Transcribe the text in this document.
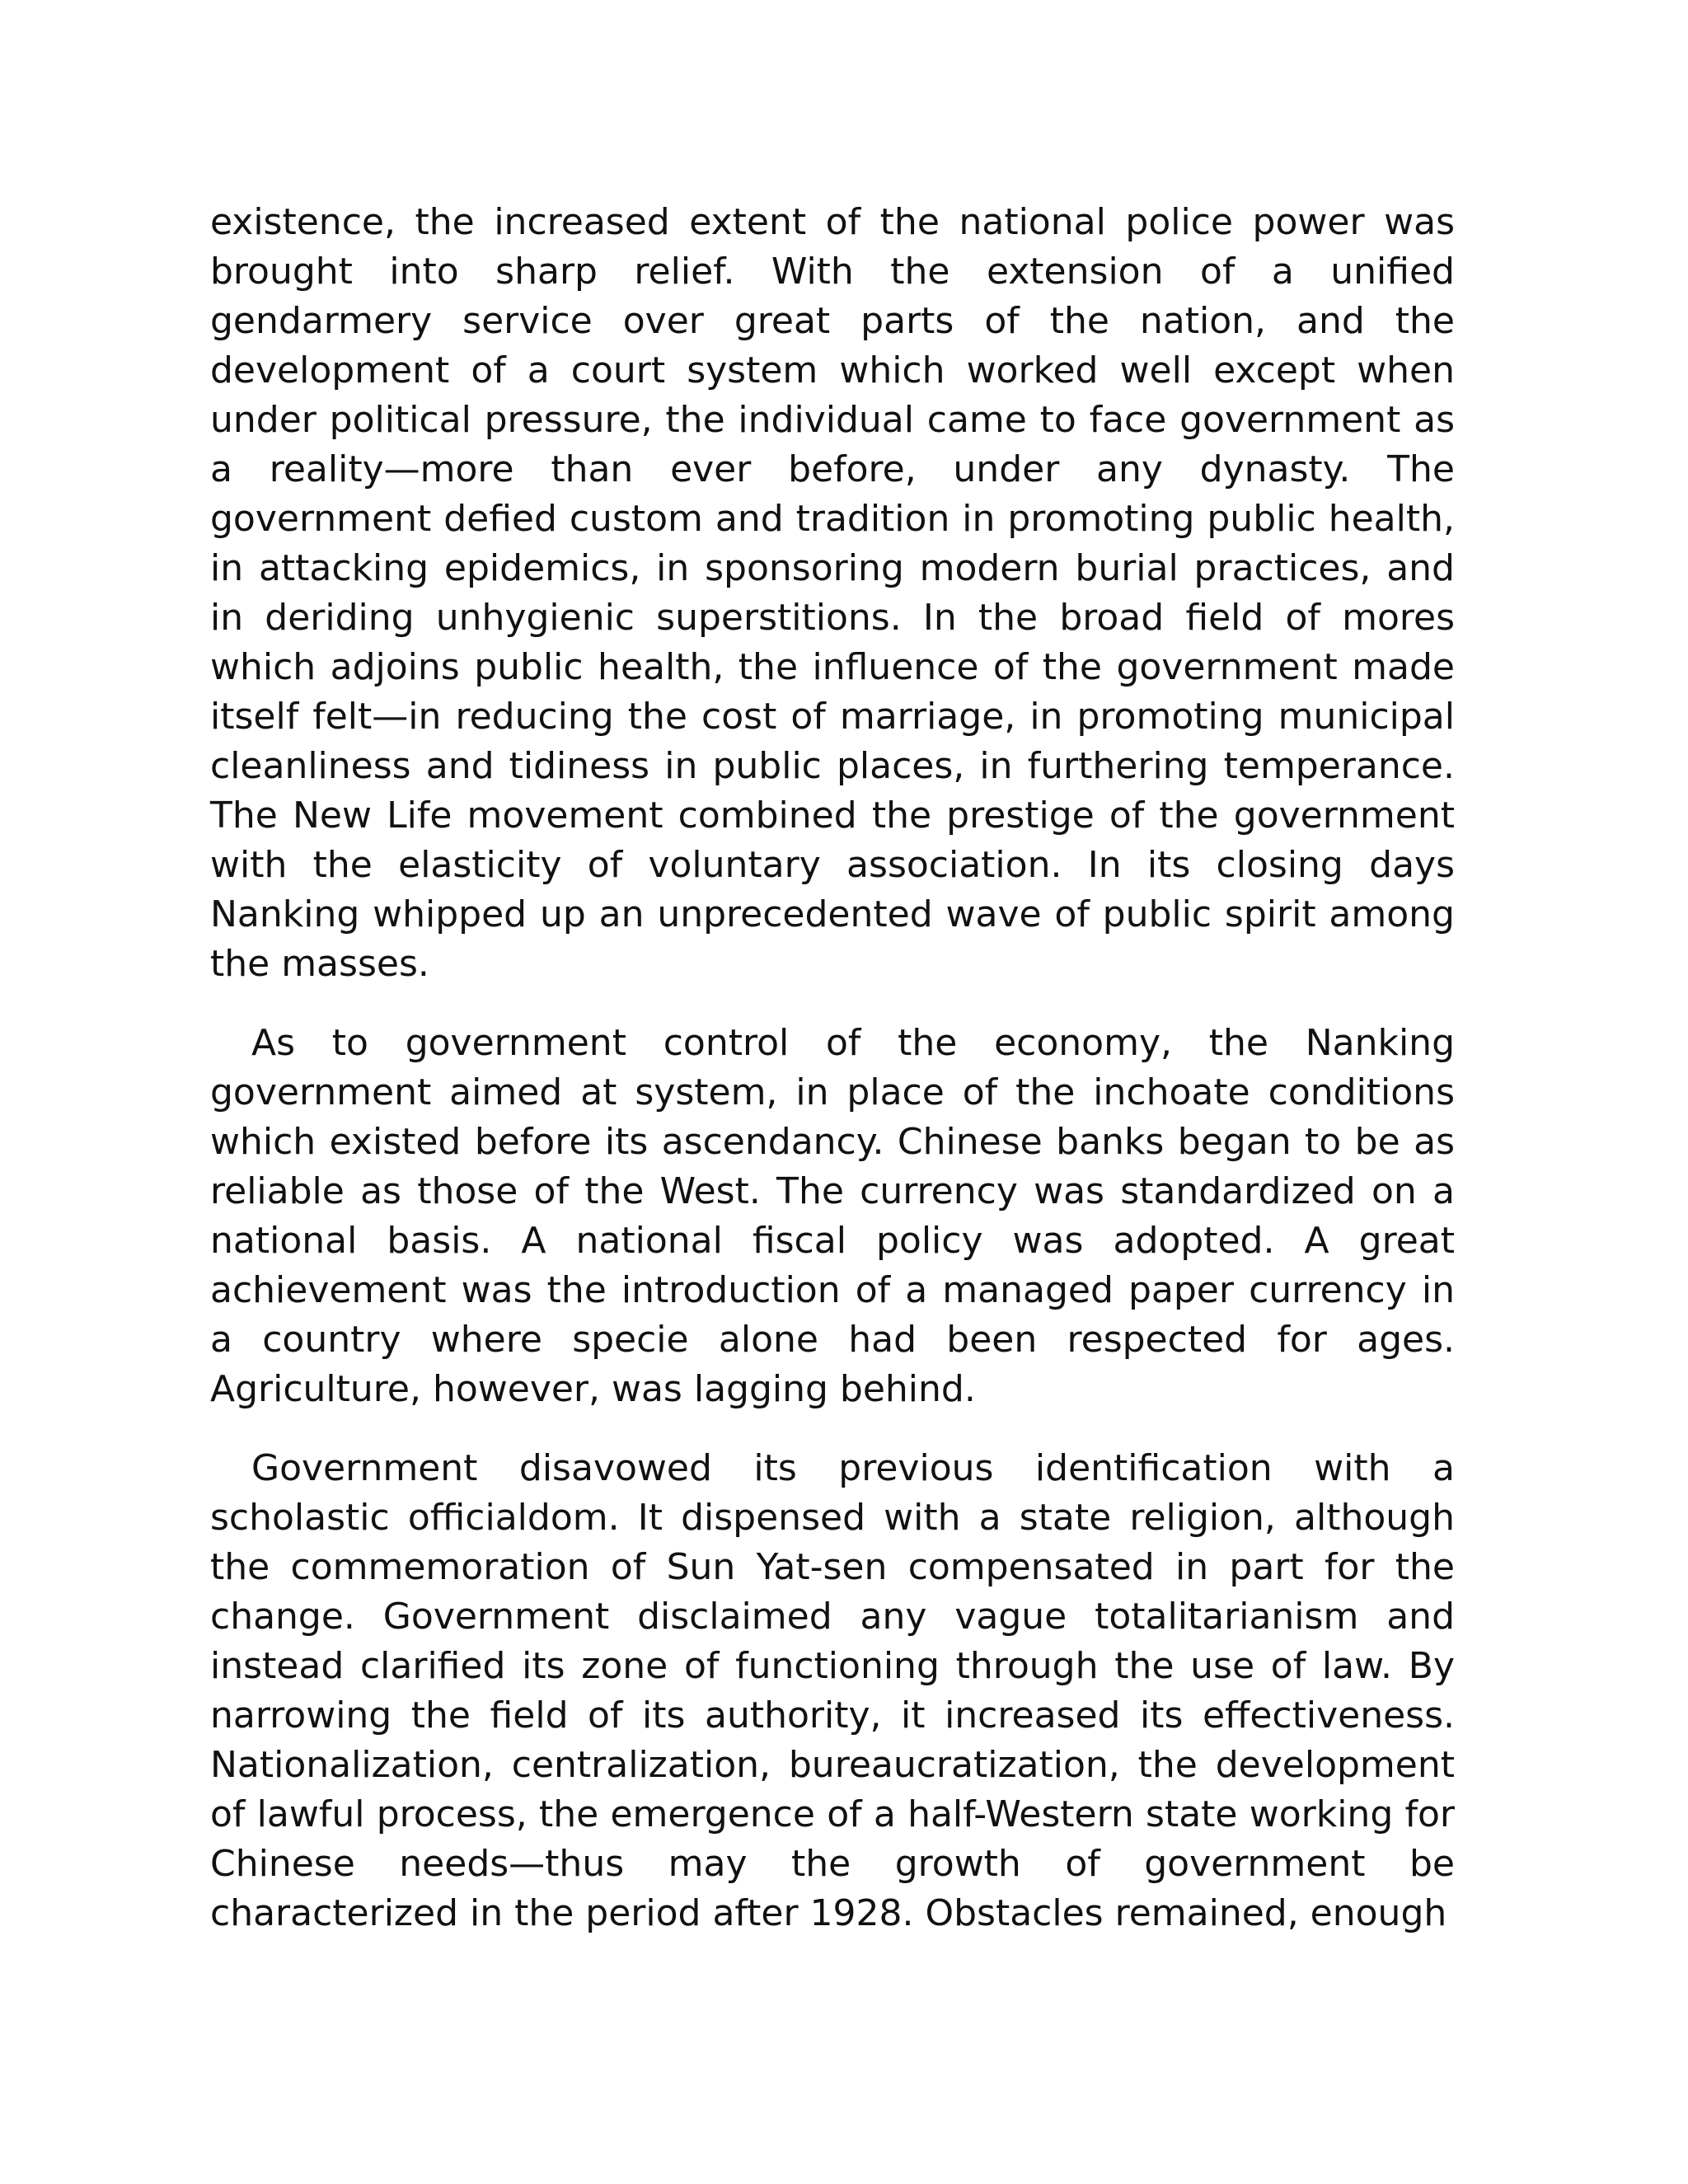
existence, the increased extent of the national police power was brought into sharp relief. With the extension of a unified gendarmery service over great parts of the nation, and the development of a court system which worked well except when under political pressure, the individual came to face government as a reality—more than ever before, under any dynasty. The government defied custom and tradition in promoting public health, in attacking epidemics, in sponsoring modern burial practices, and in deriding unhygienic superstitions. In the broad field of mores which adjoins public health, the influence of the government made itself felt—in reducing the cost of marriage, in promoting municipal cleanliness and tidiness in public places, in furthering temperance. The New Life movement combined the prestige of the government with the elasticity of voluntary association. In its closing days Nanking whipped up an unprecedented wave of public spirit among the masses.

As to government control of the economy, the Nanking government aimed at system, in place of the inchoate conditions which existed before its ascendancy. Chinese banks began to be as reliable as those of the West. The currency was standardized on a national basis. A national fiscal policy was adopted. A great achievement was the introduction of a managed paper currency in a country where specie alone had been respected for ages. Agriculture, however, was lagging behind.

Government disavowed its previous identification with a scholastic officialdom. It dispensed with a state religion, although the commemoration of Sun Yat-sen compensated in part for the change. Government disclaimed any vague totalitarianism and instead clarified its zone of functioning through the use of law. By narrowing the field of its authority, it increased its effectiveness. Nationalization, centralization, bureaucratization, the development of lawful process, the emergence of a half-Western state working for Chinese needs—thus may the growth of government be characterized in the period after 1928. Obstacles remained, enough
